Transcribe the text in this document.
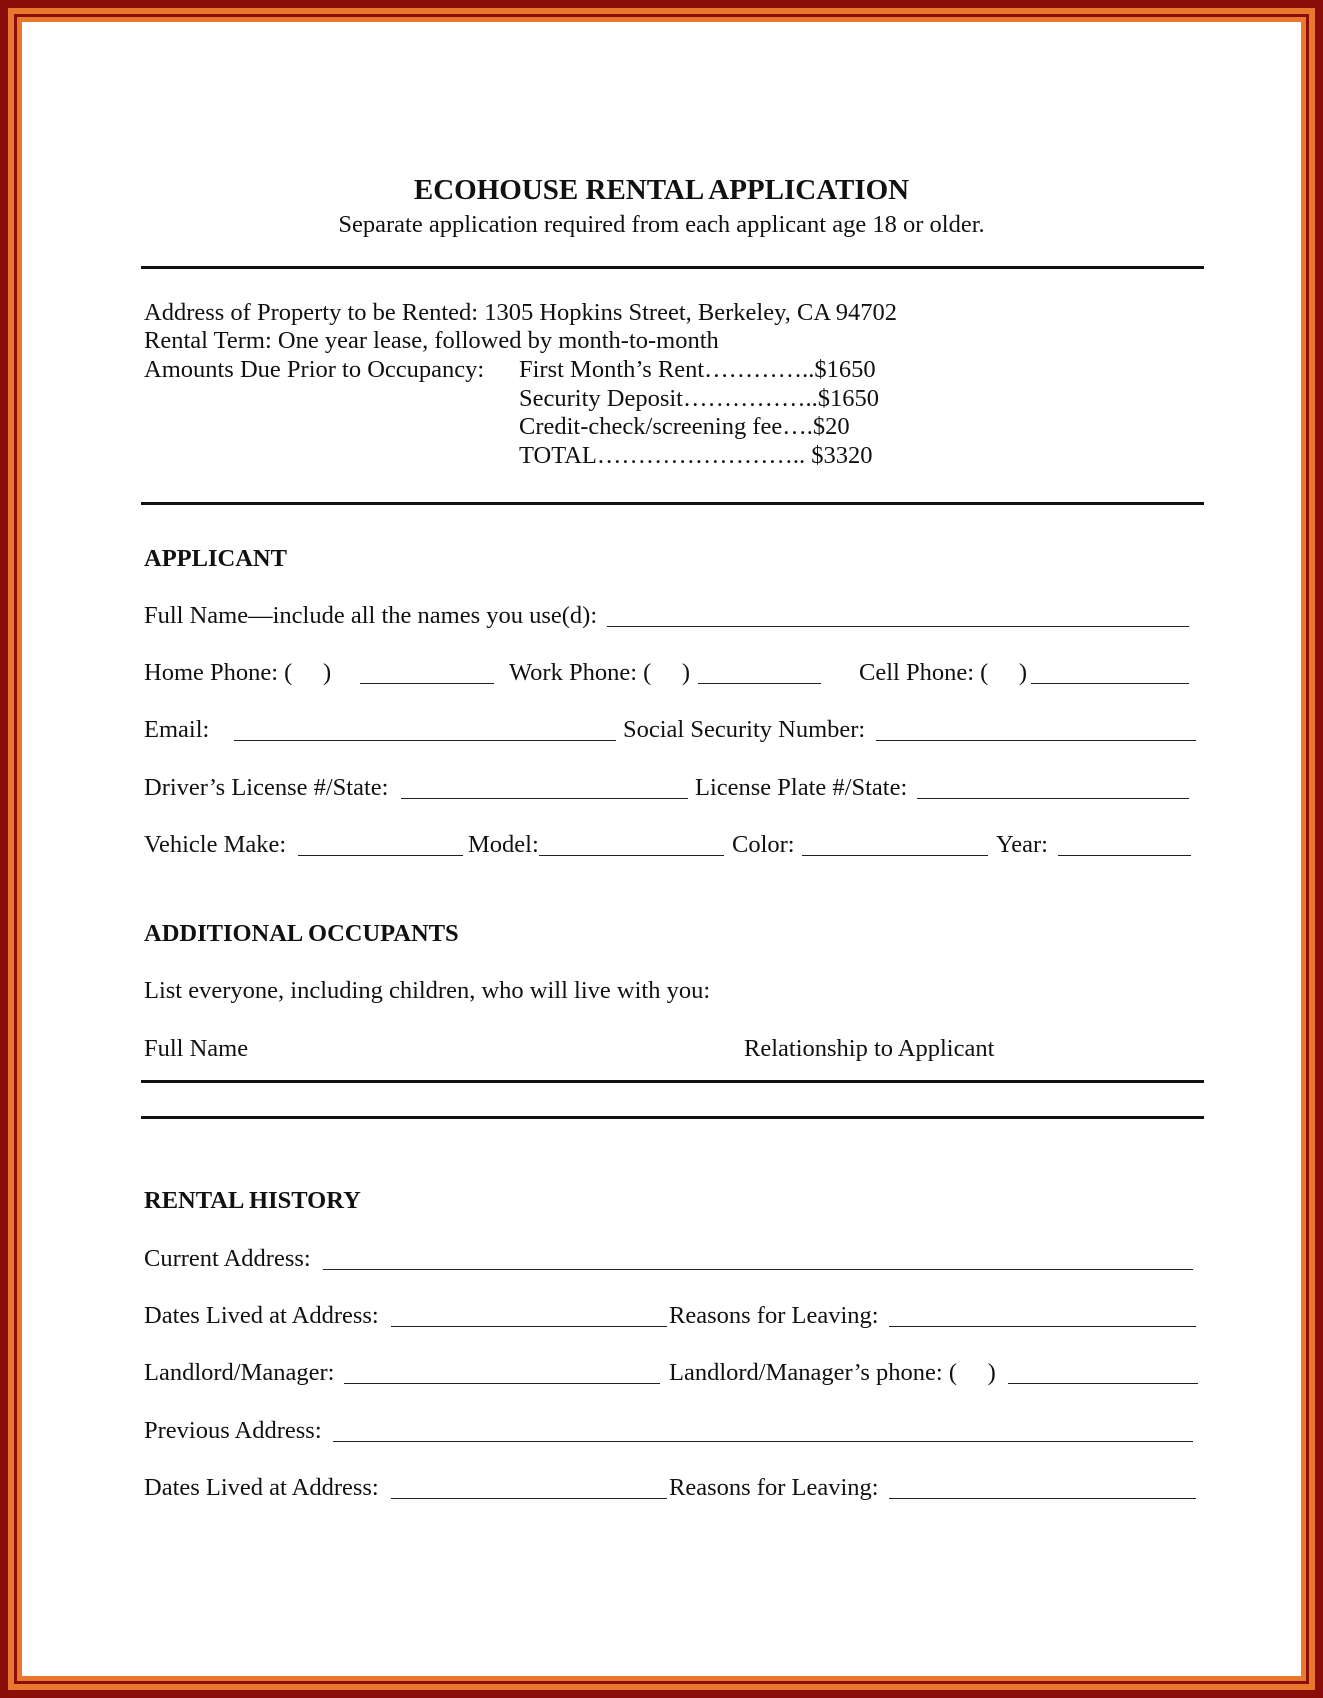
ECOHOUSE RENTAL APPLICATION
Separate application required from each applicant age 18 or older.
Address of Property to be Rented: 1305 Hopkins Street, Berkeley, CA 94702
Rental Term: One year lease, followed by month-to-month
Amounts Due Prior to Occupancy: First Month’s Rent…………..$1650
Security Deposit……………..$1650
Credit-check/screening fee….$20
TOTAL…………………….. $3320
APPLICANT
Full Name—include all the names you use(d):
Home Phone: (     )	Work Phone: (     )	Cell Phone: (     )
Email:	Social Security Number:
Driver’s License #/State:	License Plate #/State:
Vehicle Make:	Model:	Color:	Year:
ADDITIONAL OCCUPANTS
List everyone, including children, who will live with you:
Full Name	Relationship to Applicant
RENTAL HISTORY
Current Address:
Dates Lived at Address:	Reasons for Leaving:
Landlord/Manager:	Landlord/Manager’s phone: (     )
Previous Address:
Dates Lived at Address:	Reasons for Leaving:
